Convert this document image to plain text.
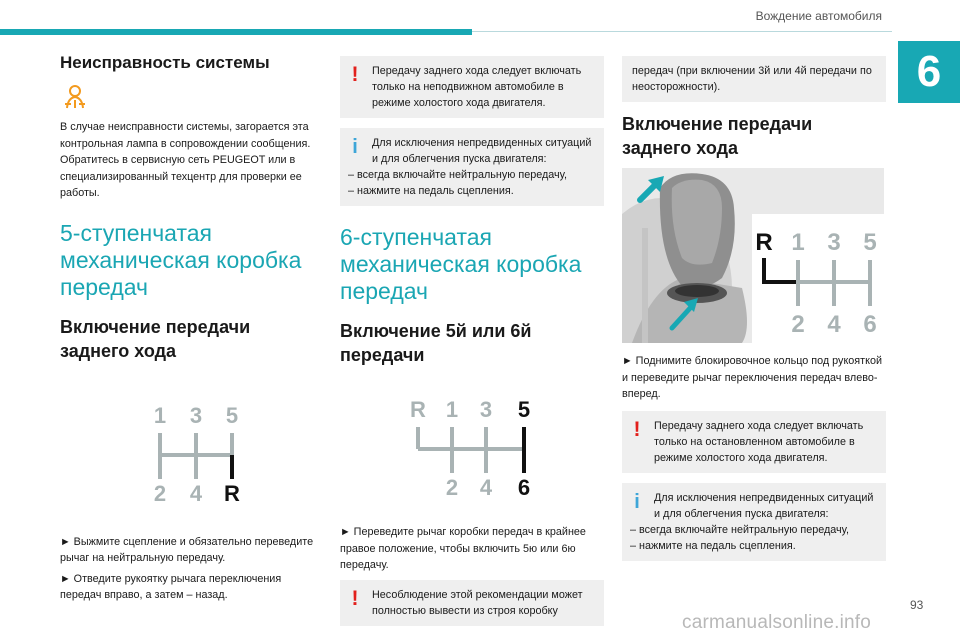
Вождение автомобиля
6
Неисправность системы

В случае неисправности системы, загорается эта контрольная лампа в сопровождении сообщения. Обратитесь в сервисную сеть PEUGEOT или в специализированный техцентр для проверки ее работы.

5-ступенчатая механическая коробка передач
Включение передачи заднего хода
1 3 5
2 4 R

► Выжмите сцепление и обязательно переведите рычаг на нейтральную передачу.

► Отведите рукоятку рычага переключения передач вправо, а затем – назад.

! Передачу заднего хода следует включать только на неподвижном автомобиле в режиме холостого хода двигателя.
i Для исключения непредвиденных ситуаций и для облегчения пуска двигателя:
– всегда включайте нейтральную передачу,
– нажмите на педаль сцепления.
6-ступенчатая механическая коробка передач
Включение 5й или 6й передачи
R 1 3 5
2 4 6

► Переведите рычаг коробки передач в крайнее правое положение, чтобы включить 5ю или 6ю передачу.

! Несоблюдение этой рекомендации может полностью вывести из строя коробку
передач (при включении 3й или 4й передачи по неосторожности).
Включение передачи заднего хода
R 1 3 5
2 4 6

► Поднимите блокировочное кольцо под рукояткой и переведите рычаг переключения передач влево-вперед.

! Передачу заднего хода следует включать только на остановленном автомобиле в режиме холостого хода двигателя.
i Для исключения непредвиденных ситуаций и для облегчения пуска двигателя:
– всегда включайте нейтральную передачу,
– нажмите на педаль сцепления.
93
carmanualsonline.info
